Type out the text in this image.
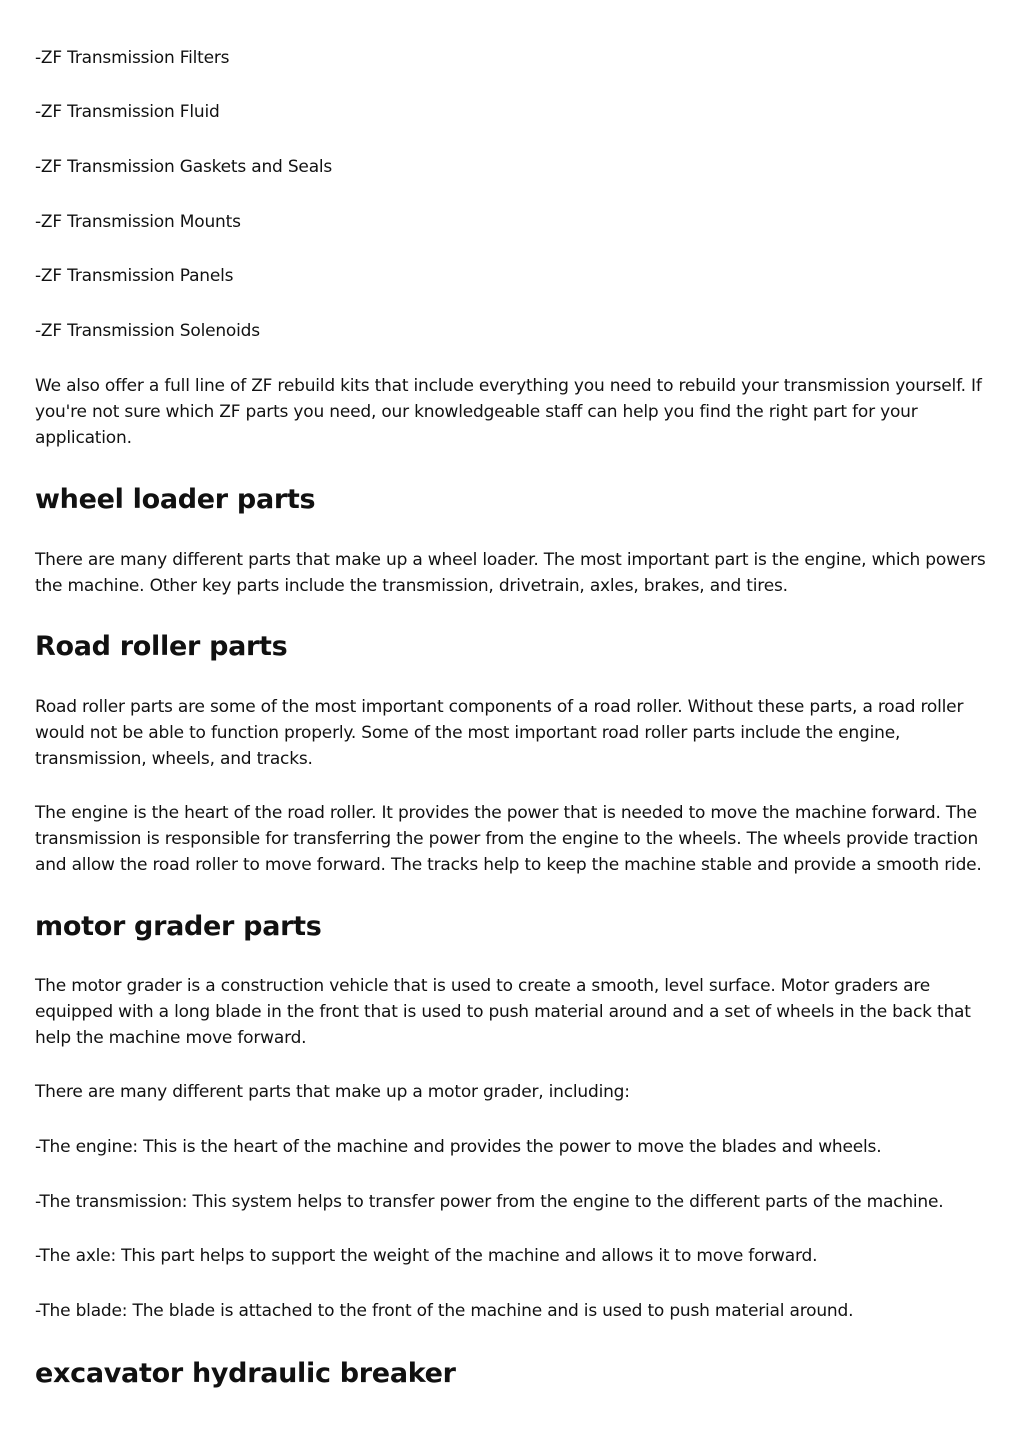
-ZF Transmission Filters

-ZF Transmission Fluid

-ZF Transmission Gaskets and Seals

-ZF Transmission Mounts

-ZF Transmission Panels

-ZF Transmission Solenoids

We also offer a full line of ZF rebuild kits that include everything you need to rebuild your transmission yourself. If you're not sure which ZF parts you need, our knowledgeable staff can help you find the right part for your application.

wheel loader parts

There are many different parts that make up a wheel loader. The most important part is the engine, which powers the machine. Other key parts include the transmission, drivetrain, axles, brakes, and tires.

Road roller parts

Road roller parts are some of the most important components of a road roller. Without these parts, a road roller would not be able to function properly. Some of the most important road roller parts include the engine, transmission, wheels, and tracks.

The engine is the heart of the road roller. It provides the power that is needed to move the machine forward. The transmission is responsible for transferring the power from the engine to the wheels. The wheels provide traction and allow the road roller to move forward. The tracks help to keep the machine stable and provide a smooth ride.

motor grader parts

The motor grader is a construction vehicle that is used to create a smooth, level surface. Motor graders are equipped with a long blade in the front that is used to push material around and a set of wheels in the back that help the machine move forward.

There are many different parts that make up a motor grader, including:

-The engine: This is the heart of the machine and provides the power to move the blades and wheels.

-The transmission: This system helps to transfer power from the engine to the different parts of the machine.

-The axle: This part helps to support the weight of the machine and allows it to move forward.

-The blade: The blade is attached to the front of the machine and is used to push material around.

excavator hydraulic breaker
